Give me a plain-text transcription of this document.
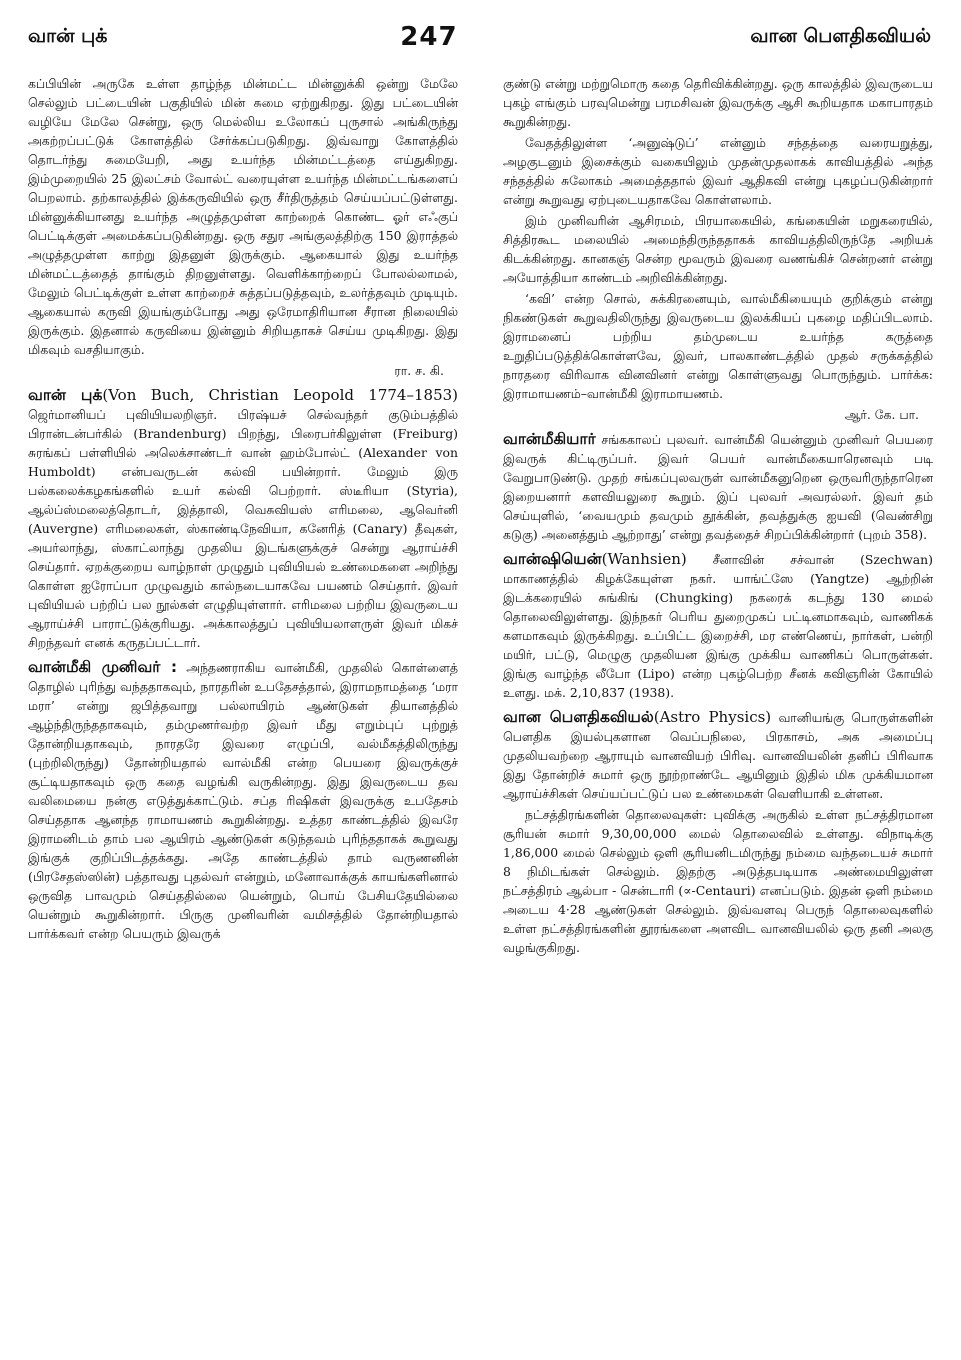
வான் புக்	247	வான பௌதிகவியல்

கப்பியின் அருகே உள்ள தாழ்ந்த மின்மட்ட மின்னுக்கி ஒன்று மேலே செல்லும் பட்டையின் பகுதியில் மின் சுமை ஏற்றுகிறது. இது பட்டையின் வழியே மேலே சென்று, ஒரு மெல்லிய உலோகப் புருசால் அங்கிருந்து அகற்றப்பட்டுக் கோளத்தில் சேர்க்கப்படுகிறது. இவ்வாறு கோளத்தில் தொடர்ந்து சுமையேறி, அது உயர்ந்த மின்மட்டத்தை எய்துகிறது. இம்முறையில் 25 இலட்சம் வோல்ட் வரையுள்ள உயர்ந்த மின்மட்டங்களைப் பெறலாம். தற்காலத்தில் இக்கருவியில் ஒரு சீர்திருத்தம் செய்யப்பட்டுள்ளது. மின்னுக்கியானது உயர்ந்த அழுத்தமுள்ள காற்றைக் கொண்ட ஓர் எஃகுப் பெட்டிக்குள் அமைக்கப்படுகின்றது. ஒரு சதுர அங்குலத்திற்கு 150 இராத்தல் அழுத்தமுள்ள காற்று இதனுள் இருக்கும். ஆகையால் இது உயர்ந்த மின்மட்டத்தைத் தாங்கும் திறனுள்ளது. வெளிக்காற்றைப் போலல்லாமல், மேலும் பெட்டிக்குள் உள்ள காற்றைச் சுத்தப்படுத்தவும், உலர்த்தவும் முடியும். ஆகையால் கருவி இயங்கும்போது அது ஒரேமாதிரியான சீரான நிலையில் இருக்கும். இதனால் கருவியை இன்னும் சிறியதாகச் செய்ய முடிகிறது. இது மிகவும் வசதியாகும்.

ரா. ச. கி.

வான் புக்(Von Buch, Christian Leopold 1774–1853) ஜெர்மானியப் புவியியலறிஞர். பிரஷ்யச் செல்வந்தர் குடும்பத்தில் பிரான்டன்பர்கில் (Brandenburg) பிறந்து, பிரைபர்கிலுள்ள (Freiburg) சுரங்கப் பள்ளியில் அலெக்சாண்டர் வான் ஹம்போல்ட் (Alexander von Humboldt) என்பவருடன் கல்வி பயின்றார். மேலும் இரு பல்கலைக்கழகங்களில் உயர் கல்வி பெற்றார். ஸ்டீரியா (Styria), ஆல்ப்ஸ்மலைத்தொடர், இத்தாலி, வெசுவியஸ் எரிமலை, ஆவெர்னி (Auvergne) எரிமலைகள், ஸ்காண்டிநேவியா, கனேரித் (Canary) தீவுகள், அயர்லாந்து, ஸ்காட்லாந்து முதலிய இடங்களுக்குச் சென்று ஆராய்ச்சி செய்தார். ஏறக்குறைய வாழ்நாள் முழுதும் புவியியல் உண்மைகளை அறிந்து கொள்ள ஐரோப்பா முழுவதும் கால்நடையாகவே பயணம் செய்தார். இவர் புவியியல் பற்றிப் பல நூல்கள் எழுதியுள்ளார். எரிமலை பற்றிய இவருடைய ஆராய்ச்சி பாராட்டுக்குரியது. அக்காலத்துப் புவியியலாளருள் இவர் மிகச் சிறந்தவர் எனக் கருதப்பட்டார்.

வான்மீகி முனிவர் : அந்தணராகிய வான்மீகி, முதலில் கொள்ளைத் தொழில் புரிந்து வந்ததாகவும், நாரதரின் உபதேசத்தால், இராமநாமத்தை ‘மரா மரா’ என்று ஜபித்தவாறு பல்லாயிரம் ஆண்டுகள் தியானத்தில் ஆழ்ந்திருந்ததாகவும், தம்முணர்வற்ற இவர் மீது எறும்புப் புற்றுத் தோன்றியதாகவும், நாரதரே இவரை எழுப்பி, வல்மீகத்திலிருந்து (புற்றிலிருந்து) தோன்றியதால் வால்மீகி என்ற பெயரை இவருக்குச் சூட்டியதாகவும் ஒரு கதை வழங்கி வருகின்றது. இது இவருடைய தவ வலிமையை நன்கு எடுத்துக்காட்டும். சப்த ரிஷிகள் இவருக்கு உபதேசம் செய்ததாக ஆனந்த ராமாயணம் கூறுகின்றது. உத்தர காண்டத்தில் இவரே இராமனிடம் தாம் பல ஆயிரம் ஆண்டுகள் கடுந்தவம் புரிந்ததாகக் கூறுவது இங்குக் குறிப்பிடத்தக்கது. அதே காண்டத்தில் தாம் வருணனின் (பிரசேதஸ்ஸின்) பத்தாவது புதல்வர் என்றும், மனோவாக்குக் காயங்களினால் ஒருவித பாவமும் செய்ததில்லை யென்றும், பொய் பேசியதேயில்லை யென்றும் கூறுகின்றார். பிருகு முனிவரின் வமிசத்தில் தோன்றியதால் பார்க்கவர் என்ற பெயரும் இவருக்

குண்டு என்று மற்றுமொரு கதை தெரிவிக்கின்றது. ஒரு காலத்தில் இவருடைய புகழ் எங்கும் பரவுமென்று பரமசிவன் இவருக்கு ஆசி கூறியதாக மகாபாரதம் கூறுகின்றது.

வேதத்திலுள்ள ‘அனுஷ்டுப்’ என்னும் சந்தத்தை வரையறுத்து, அழகுடனும் இசைக்கும் வகையிலும் முதன்முதலாகக் காவியத்தில் அந்த சந்தத்தில் சுலோகம் அமைத்ததால் இவர் ஆதிகவி என்று புகழப்படுகின்றார் என்று கூறுவது ஏற்புடையதாகவே கொள்ளலாம்.

இம் முனிவரின் ஆசிரமம், பிரயாகையில், கங்கையின் மறுகரையில், சித்திரகூட மலையில் அமைந்திருந்ததாகக் காவியத்திலிருந்தே அறியக் கிடக்கின்றது. கானகஞ் சென்ற மூவரும் இவரை வணங்கிச் சென்றனர் என்று அயோத்தியா காண்டம் அறிவிக்கின்றது.

‘கவி’ என்ற சொல், சுக்கிரனையும், வால்மீகியையும் குறிக்கும் என்று நிகண்டுகள் கூறுவதிலிருந்து இவருடைய இலக்கியப் புகழை மதிப்பிடலாம். இராமனைப் பற்றிய தம்முடைய உயர்ந்த கருத்தை உறுதிப்படுத்திக்கொள்ளவே, இவர், பாலகாண்டத்தில் முதல் சருக்கத்தில் நாரதரை விரிவாக வினவினர் என்று கொள்ளுவது பொருந்தும். பார்க்க: இராமாயணம்–வான்மீகி இராமாயணம்.

ஆர். கே. பா.

வான்மீகியார் சங்ககாலப் புலவர். வான்மீகி யென்னும் முனிவர் பெயரை இவருக் கிட்டிருப்பர். இவர் பெயர் வான்மீகையாரெனவும் படி வேறுபாடுண்டு. முதற் சங்கப்புலவருள் வான்மீகனுறென ஒருவரிருந்தாரென இறையனார் களவியலுரை கூறும். இப் புலவர் அவரல்லர். இவர் தம் செய்யுளில், ‘வையமும் தவமும் தூக்கின், தவத்துக்கு ஐயவி (வெண்சிறு கடுகு) அனைத்தும் ஆற்றாது’ என்று தவத்தைச் சிறப்பிக்கின்றார் (புறம் 358).

வான்ஷியென்(Wanhsien) சீனாவின் சச்வான் (Szechwan) மாகாணத்தில் கிழக்கேயுள்ள நகர். யாங்ட்ஸே (Yangtze) ஆற்றின் இடக்கரையில் சுங்கிங் (Chungking) நகரைக் கடந்து 130 மைல் தொலைவிலுள்ளது. இந்நகர் பெரிய துறைமுகப் பட்டினமாகவும், வாணிகக் களமாகவும் இருக்கிறது. உப்பிட்ட இறைச்சி, மர எண்ணெய், நார்கள், பன்றி மயிர், பட்டு, மெழுகு முதலியன இங்கு முக்கிய வாணிகப் பொருள்கள். இங்கு வாழ்ந்த லீபோ (Lipo) என்ற புகழ்பெற்ற சீனக் கவிஞரின் கோயில் உளது. மக். 2,10,837 (1938).

வான பௌதிகவியல்(Astro Physics) வானியங்கு பொருள்களின் பௌதிக இயல்புகளான வெப்பநிலை, பிரகாசம், அக அமைப்பு முதலியவற்றை ஆராயும் வானவியற் பிரிவு. வானவியலின் தனிப் பிரிவாக இது தோன்றிச் சுமார் ஒரு நூற்றாண்டே ஆயினும் இதில் மிக முக்கியமான ஆராய்ச்சிகள் செய்யப்பட்டுப் பல உண்மைகள் வெளியாகி உள்ளன.

நட்சத்திரங்களின் தொலைவுகள்: புவிக்கு அருகில் உள்ள நட்சத்திரமான சூரியன் சுமார் 9,30,00,000 மைல் தொலைவில் உள்ளது. விநாடிக்கு 1,86,000 மைல் செல்லும் ஒளி சூரியனிடமிருந்து நம்மை வந்தடையச் சுமார் 8 நிமிடங்கள் செல்லும். இதற்கு அடுத்தபடியாக அண்மையிலுள்ள நட்சத்திரம் ஆல்பா - சென்டாரி (∝-Centauri) எனப்படும். இதன் ஒளி நம்மை அடைய 4·28 ஆண்டுகள் செல்லும். இவ்வளவு பெருந் தொலைவுகளில் உள்ள நட்சத்திரங்களின் தூரங்களை அளவிட வானவியலில் ஒரு தனி அலகு வழங்குகிறது.
